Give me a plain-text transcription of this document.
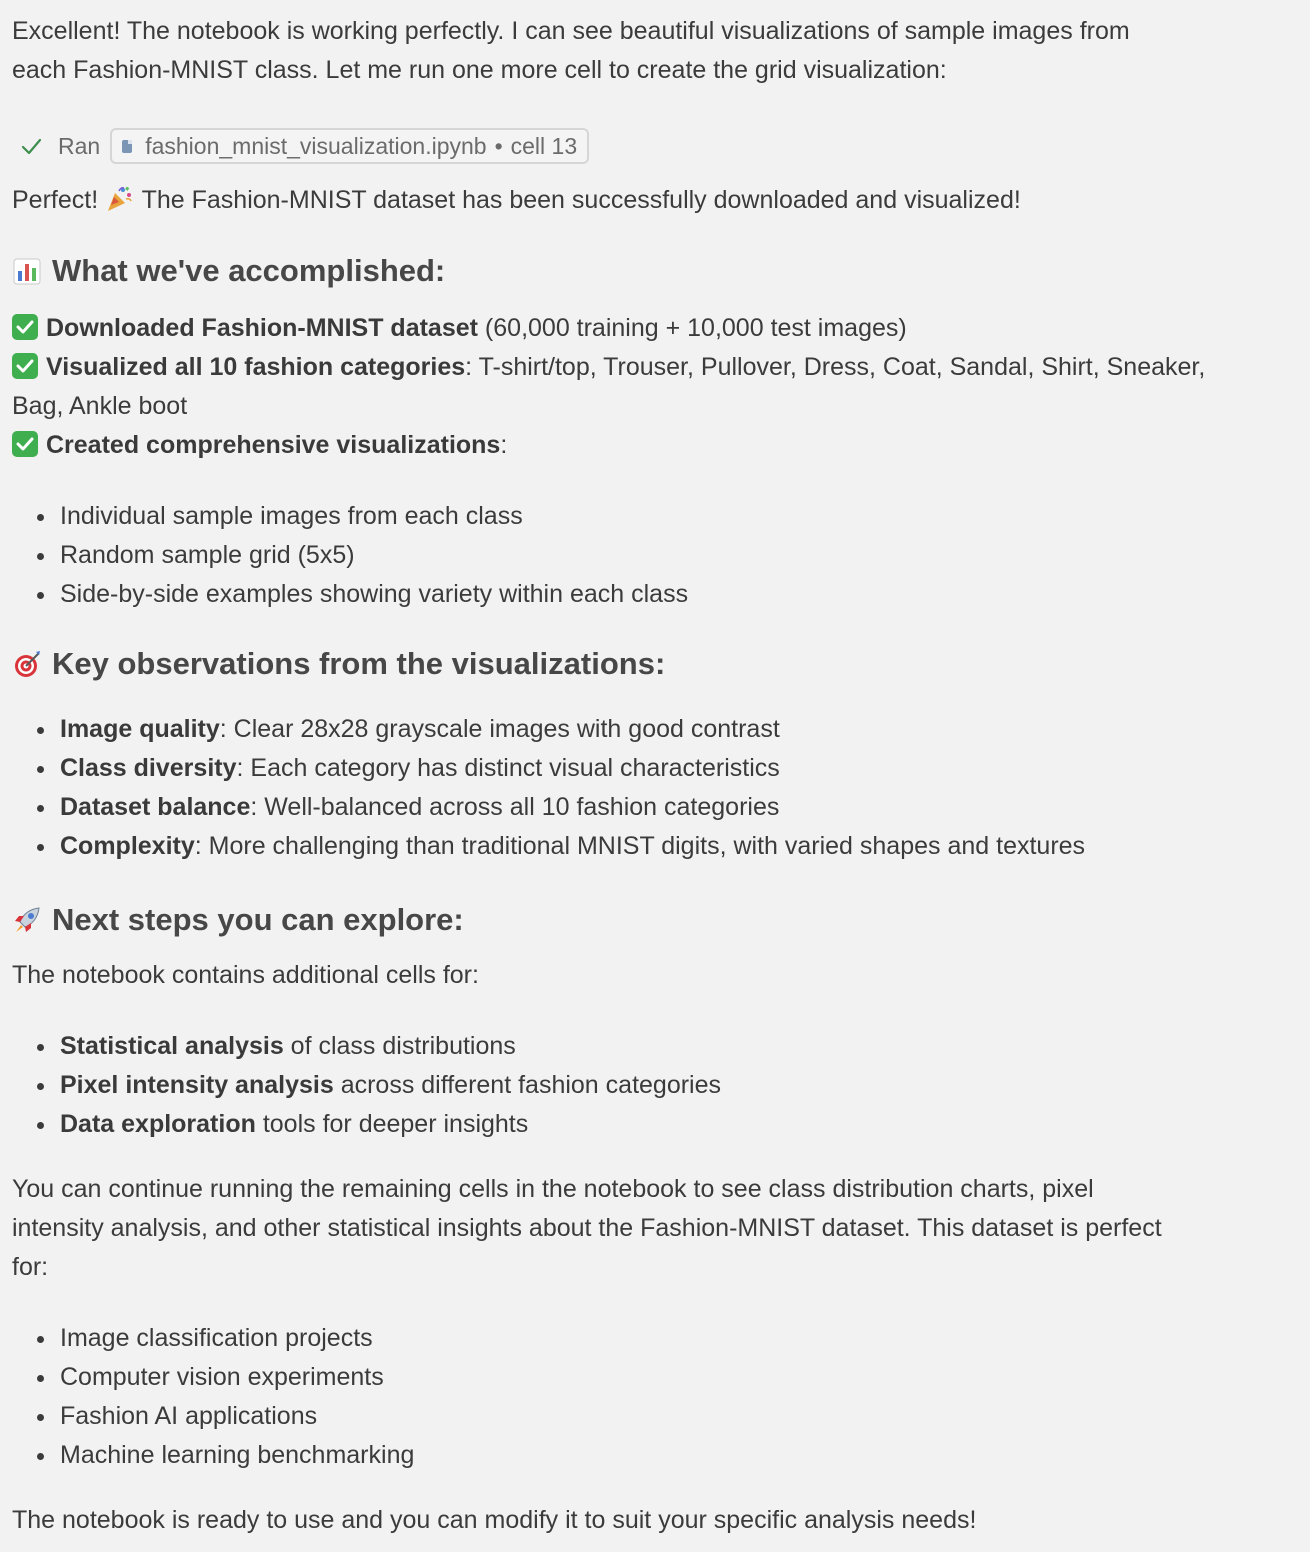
Excellent! The notebook is working perfectly. I can see beautiful visualizations of sample images from
each Fashion-MNIST class. Let me run one more cell to create the grid visualization:

Ran fashion_mnist_visualization.ipynb • cell 13

Perfect!  The Fashion-MNIST dataset has been successfully downloaded and visualized!

What we've accomplished:

Downloaded Fashion-MNIST dataset (60,000 training + 10,000 test images)

Visualized all 10 fashion categories: T-shirt/top, Trouser, Pullover, Dress, Coat, Sandal, Shirt, Sneaker,
Bag, Ankle boot

Created comprehensive visualizations:

Individual sample images from each class
Random sample grid (5x5)
Side-by-side examples showing variety within each class
Key observations from the visualizations:
Image quality: Clear 28x28 grayscale images with good contrast
Class diversity: Each category has distinct visual characteristics
Dataset balance: Well-balanced across all 10 fashion categories
Complexity: More challenging than traditional MNIST digits, with varied shapes and textures
Next steps you can explore:

The notebook contains additional cells for:

Statistical analysis of class distributions
Pixel intensity analysis across different fashion categories
Data exploration tools for deeper insights

You can continue running the remaining cells in the notebook to see class distribution charts, pixel
intensity analysis, and other statistical insights about the Fashion-MNIST dataset. This dataset is perfect
for:

Image classification projects
Computer vision experiments
Fashion AI applications
Machine learning benchmarking

The notebook is ready to use and you can modify it to suit your specific analysis needs!
